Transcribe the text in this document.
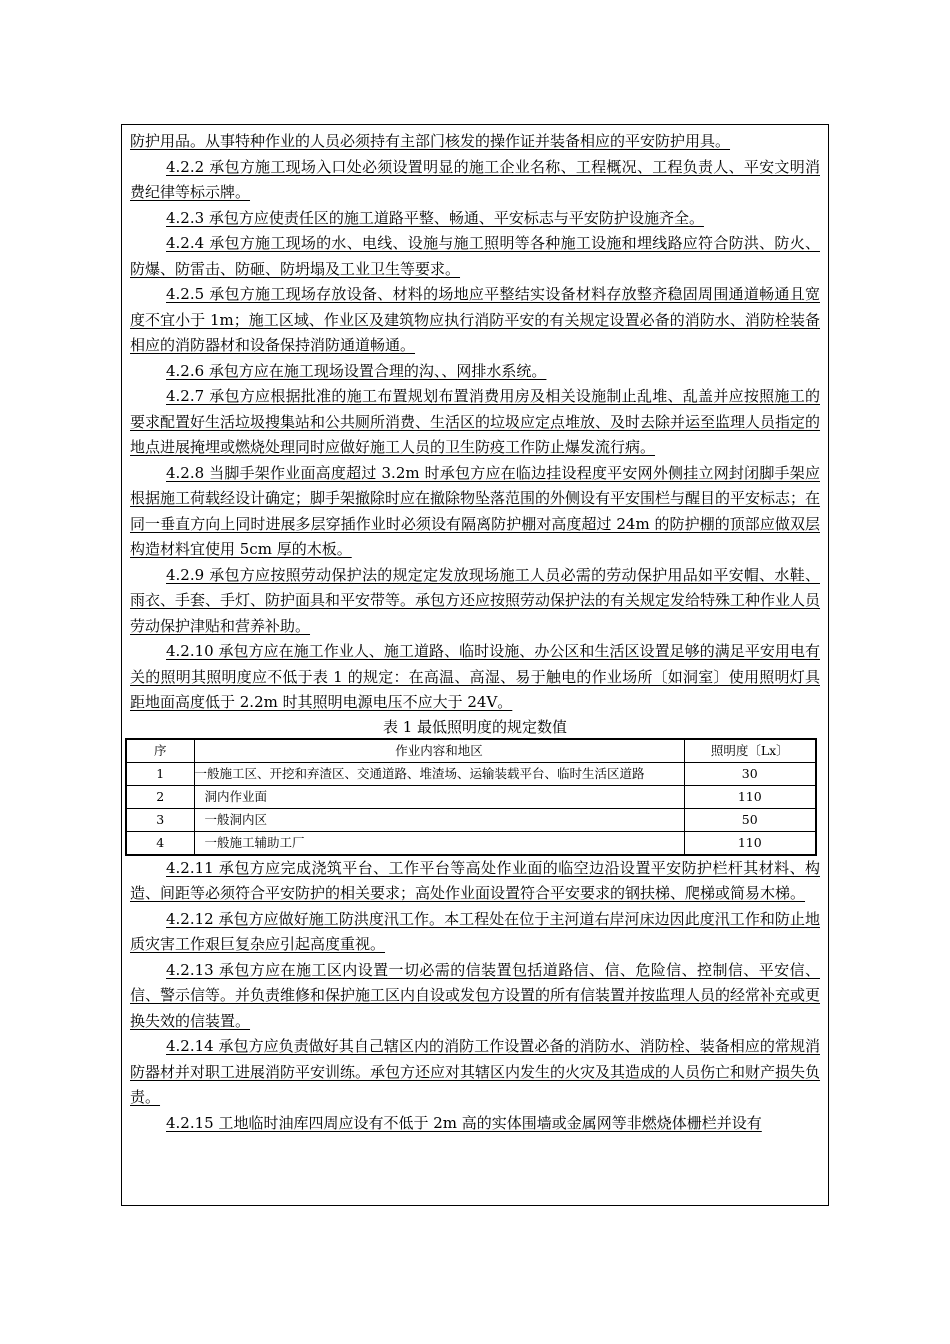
防护用品。从事特种作业的人员必须持有主部门核发的操作证并装备相应的平安防护用具。

4.2.2 承包方施工现场入口处必须设置明显的施工企业名称、工程概况、工程负责人、平安文明消费纪律等标示牌。

4.2.3 承包方应使责任区的施工道路平整、畅通、平安标志与平安防护设施齐全。

4.2.4 承包方施工现场的水、电线、设施与施工照明等各种施工设施和埋线路应符合防洪、防火、防爆、防雷击、防砸、防坍塌及工业卫生等要求。

4.2.5 承包方施工现场存放设备、材料的场地应平整结实设备材料存放整齐稳固周围通道畅通且宽度不宜小于 1m；施工区域、作业区及建筑物应执行消防平安的有关规定设置必备的消防水、消防栓装备相应的消防器材和设备保持消防通道畅通。

4.2.6 承包方应在施工现场设置合理的沟、、网排水系统。

4.2.7 承包方应根据批准的施工布置规划布置消费用房及相关设施制止乱堆、乱盖并应按照施工的要求配置好生活垃圾搜集站和公共厕所消费、生活区的垃圾应定点堆放、及时去除并运至监理人员指定的地点进展掩埋或燃烧处理同时应做好施工人员的卫生防疫工作防止爆发流行病。

4.2.8 当脚手架作业面高度超过 3.2m 时承包方应在临边挂设程度平安网外侧挂立网封闭脚手架应根据施工荷载经设计确定；脚手架撤除时应在撤除物坠落范围的外侧设有平安围栏与醒目的平安标志；在同一垂直方向上同时进展多层穿插作业时必须设有隔离防护棚对高度超过 24m 的防护棚的顶部应做双层构造材料宜使用 5cm 厚的木板。

4.2.9 承包方应按照劳动保护法的规定定发放现场施工人员必需的劳动保护用品如平安帽、水鞋、雨衣、手套、手灯、防护面具和平安带等。承包方还应按照劳动保护法的有关规定发给特殊工种作业人员劳动保护津贴和营养补助。

4.2.10 承包方应在施工作业人、施工道路、临时设施、办公区和生活区设置足够的满足平安用电有关的照明其照明度应不低于表 1 的规定：在高温、高湿、易于触电的作业场所〔如洞室〕使用照明灯具距地面高度低于 2.2m 时其照明电源电压不应大于 24V。

表 1 最低照明度的规定数值

序	作业内容和地区	照明度〔Lx〕
1	一般施工区、开挖和弃渣区、交通道路、堆渣场、运输装载平台、临时生活区道路	30
2	洞内作业面	110
3	一般洞内区	50
4	一般施工辅助工厂	110

4.2.11 承包方应完成浇筑平台、工作平台等高处作业面的临空边沿设置平安防护栏杆其材料、构造、间距等必须符合平安防护的相关要求；高处作业面设置符合平安要求的钢扶梯、爬梯或简易木梯。

4.2.12 承包方应做好施工防洪度汛工作。本工程处在位于主河道右岸河床边因此度汛工作和防止地质灾害工作艰巨复杂应引起高度重视。

4.2.13 承包方应在施工区内设置一切必需的信装置包括道路信、信、危险信、控制信、平安信、信、警示信等。并负责维修和保护施工区内自设或发包方设置的所有信装置并按监理人员的经常补充或更换失效的信装置。

4.2.14 承包方应负责做好其自己辖区内的消防工作设置必备的消防水、消防栓、装备相应的常规消防器材并对职工进展消防平安训练。承包方还应对其辖区内发生的火灾及其造成的人员伤亡和财产损失负责。

4.2.15 工地临时油库四周应设有不低于 2m 高的实体围墙或金属网等非燃烧体栅栏并设有
